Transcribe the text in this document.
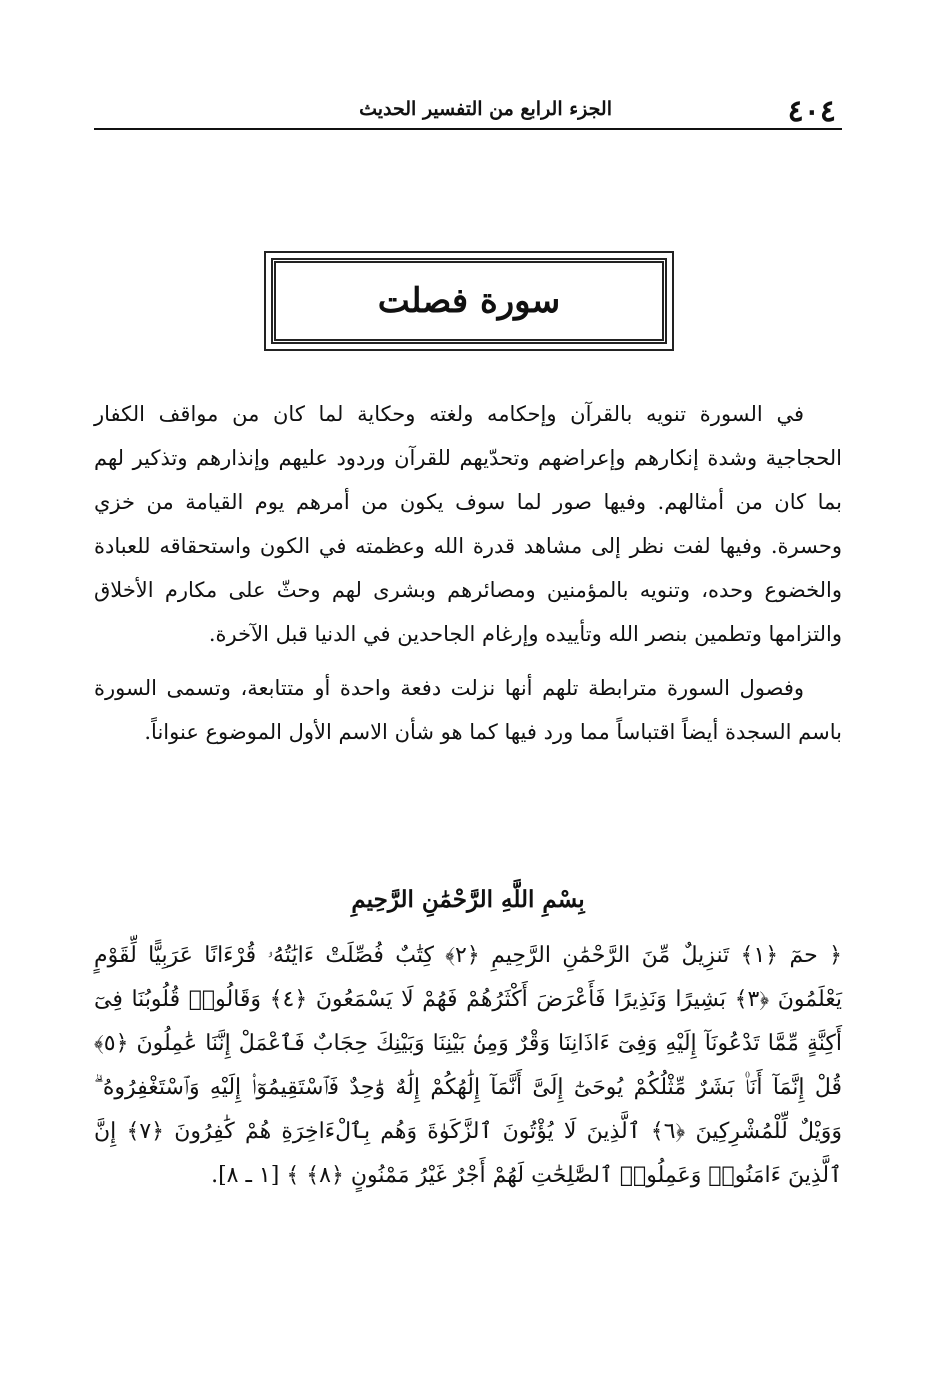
٤٠٤
الجزء الرابع من التفسير الحديث
سورة فصلت

في السورة تنويه بالقرآن وإحكامه ولغته وحكاية لما كان من مواقف الكفار الحجاجية وشدة إنكارهم وإعراضهم وتحدّيهم للقرآن وردود عليهم وإنذارهم وتذكير لهم بما كان من أمثالهم. وفيها صور لما سوف يكون من أمرهم يوم القيامة من خزي وحسرة. وفيها لفت نظر إلى مشاهد قدرة الله وعظمته في الكون واستحقاقه للعبادة والخضوع وحده، وتنويه بالمؤمنين ومصائرهم وبشرى لهم وحثّ على مكارم الأخلاق والتزامها وتطمين بنصر الله وتأييده وإرغام الجاحدين في الدنيا قبل الآخرة.

وفصول السورة مترابطة تلهم أنها نزلت دفعة واحدة أو متتابعة، وتسمى السورة باسم السجدة أيضاً اقتباساً مما ورد فيها كما هو شأن الاسم الأول الموضوع عنواناً.

بِسْمِ اللَّهِ الرَّحْمَٰنِ الرَّحِيمِ
﴿ حمٓ ﴿١﴾ تَنزِيلٌ مِّنَ الرَّحْمَٰنِ الرَّحِيمِ ﴿٢﴾ كِتَٰبٌ فُصِّلَتْ ءَايَٰتُهُۥ قُرْءَانًا عَرَبِيًّا لِّقَوْمٍ يَعْلَمُونَ ﴿٣﴾ بَشِيرًا وَنَذِيرًا فَأَعْرَضَ أَكْثَرُهُمْ فَهُمْ لَا يَسْمَعُونَ ﴿٤﴾ وَقَالُوا۟ قُلُوبُنَا فِىٓ أَكِنَّةٍ مِّمَّا تَدْعُونَآ إِلَيْهِ وَفِىٓ ءَاذَانِنَا وَقْرٌ وَمِنۢ بَيْنِنَا وَبَيْنِكَ حِجَابٌ فَٱعْمَلْ إِنَّنَا عَٰمِلُونَ ﴿٥﴾ قُلْ إِنَّمَآ أَنَا۠ بَشَرٌ مِّثْلُكُمْ يُوحَىٰٓ إِلَىَّ أَنَّمَآ إِلَٰهُكُمْ إِلَٰهٌ وَٰحِدٌ فَٱسْتَقِيمُوٓا۟ إِلَيْهِ وَٱسْتَغْفِرُوهُ ۗ وَوَيْلٌ لِّلْمُشْرِكِينَ ﴿٦﴾ ٱلَّذِينَ لَا يُؤْتُونَ ٱلزَّكَوٰةَ وَهُم بِٱلْءَاخِرَةِ هُمْ كَٰفِرُونَ ﴿٧﴾ إِنَّ ٱلَّذِينَ ءَامَنُوا۟ وَعَمِلُوا۟ ٱلصَّٰلِحَٰتِ لَهُمْ أَجْرٌ غَيْرُ مَمْنُونٍ ﴿٨﴾ ﴾ [١ ـ ٨].
